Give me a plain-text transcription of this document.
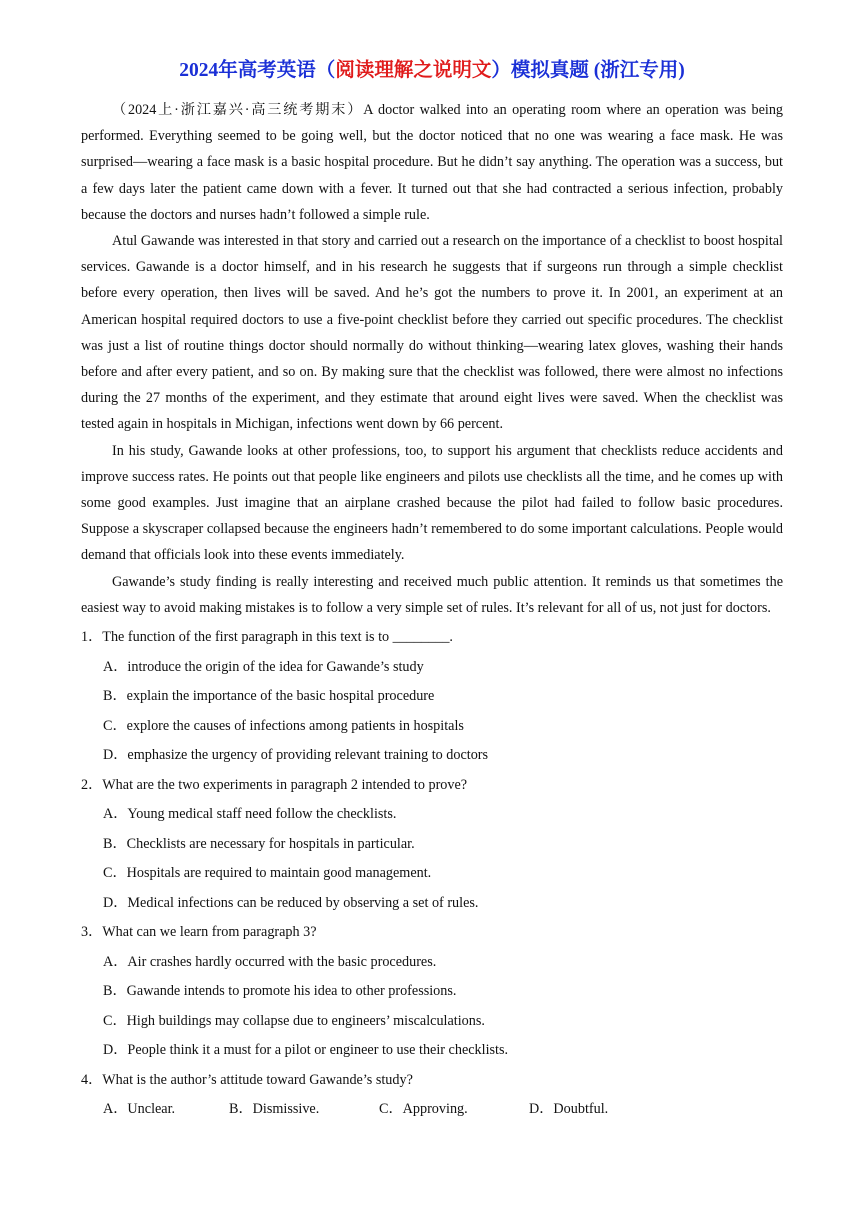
2024年高考英语（阅读理解之说明文）模拟真题 (浙江专用)

（2024上·浙江嘉兴·高三统考期末）A doctor walked into an operating room where an operation was being performed. Everything seemed to be going well, but the doctor noticed that no one was wearing a face mask. He was surprised—wearing a face mask is a basic hospital procedure. But he didn’t say anything. The operation was a success, but a few days later the patient came down with a fever. It turned out that she had contracted a serious infection, probably because the doctors and nurses hadn’t followed a simple rule.

Atul Gawande was interested in that story and carried out a research on the importance of a checklist to boost hospital services. Gawande is a doctor himself, and in his research he suggests that if surgeons run through a simple checklist before every operation, then lives will be saved. And he’s got the numbers to prove it. In 2001, an experiment at an American hospital required doctors to use a five-point checklist before they carried out specific procedures. The checklist was just a list of routine things doctor should normally do without thinking—wearing latex gloves, washing their hands before and after every patient, and so on. By making sure that the checklist was followed, there were almost no infections during the 27 months of the experiment, and they estimate that around eight lives were saved. When the checklist was tested again in hospitals in Michigan, infections went down by 66 percent.

In his study, Gawande looks at other professions, too, to support his argument that checklists reduce accidents and improve success rates. He points out that people like engineers and pilots use checklists all the time, and he comes up with some good examples. Just imagine that an airplane crashed because the pilot had failed to follow basic procedures. Suppose a skyscraper collapsed because the engineers hadn’t remembered to do some important calculations. People would demand that officials look into these events immediately.

Gawande’s study finding is really interesting and received much public attention. It reminds us that sometimes the easiest way to avoid making mistakes is to follow a very simple set of rules. It’s relevant for all of us, not just for doctors.

1．The function of the first paragraph in this text is to ________.

A．introduce the origin of the idea for Gawande’s study

B．explain the importance of the basic hospital procedure

C．explore the causes of infections among patients in hospitals

D．emphasize the urgency of providing relevant training to doctors

2．What are the two experiments in paragraph 2 intended to prove?

A．Young medical staff need follow the checklists.

B．Checklists are necessary for hospitals in particular.

C．Hospitals are required to maintain good management.

D．Medical infections can be reduced by observing a set of rules.

3．What can we learn from paragraph 3?

A．Air crashes hardly occurred with the basic procedures.

B．Gawande intends to promote his idea to other professions.

C．High buildings may collapse due to engineers’ miscalculations.

D．People think it a must for a pilot or engineer to use their checklists.

4．What is the author’s attitude toward Gawande’s study?

A．Unclear.	B．Dismissive.	C．Approving.	D．Doubtful.
